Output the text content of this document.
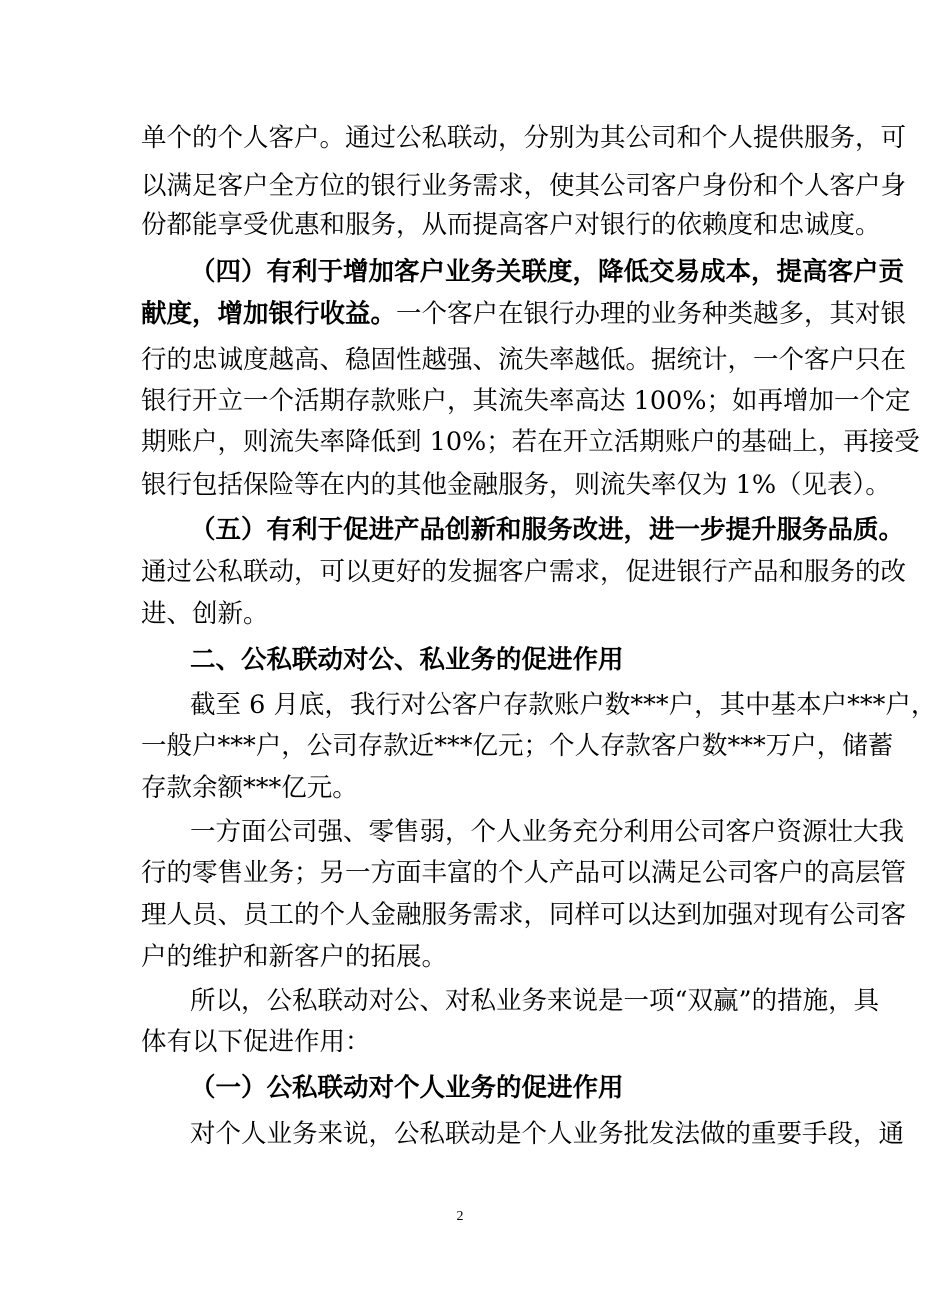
单个的个人客户。通过公私联动，分别为其公司和个人提供服务，可
以满足客户全方位的银行业务需求，使其公司客户身份和个人客户身
份都能享受优惠和服务，从而提高客户对银行的依赖度和忠诚度。
（四）有利于增加客户业务关联度，降低交易成本，提高客户贡
献度，增加银行收益。一个客户在银行办理的业务种类越多，其对银
行的忠诚度越高、稳固性越强、流失率越低。据统计，一个客户只在
银行开立一个活期存款账户，其流失率高达 100%；如再增加一个定
期账户，则流失率降低到 10%；若在开立活期账户的基础上，再接受
银行包括保险等在内的其他金融服务，则流失率仅为 1%（见表）。
（五）有利于促进产品创新和服务改进，进一步提升服务品质。
通过公私联动，可以更好的发掘客户需求，促进银行产品和服务的改
进、创新。
二、公私联动对公、私业务的促进作用
截至 6 月底，我行对公客户存款账户数***户，其中基本户***户，
一般户***户，公司存款近***亿元；个人存款客户数***万户，储蓄
存款余额***亿元。
一方面公司强、零售弱，个人业务充分利用公司客户资源壮大我
行的零售业务；另一方面丰富的个人产品可以满足公司客户的高层管
理人员、员工的个人金融服务需求，同样可以达到加强对现有公司客
户的维护和新客户的拓展。
所以，公私联动对公、对私业务来说是一项“双赢”的措施，具
体有以下促进作用：
（一）公私联动对个人业务的促进作用
对个人业务来说，公私联动是个人业务批发法做的重要手段，通
2
